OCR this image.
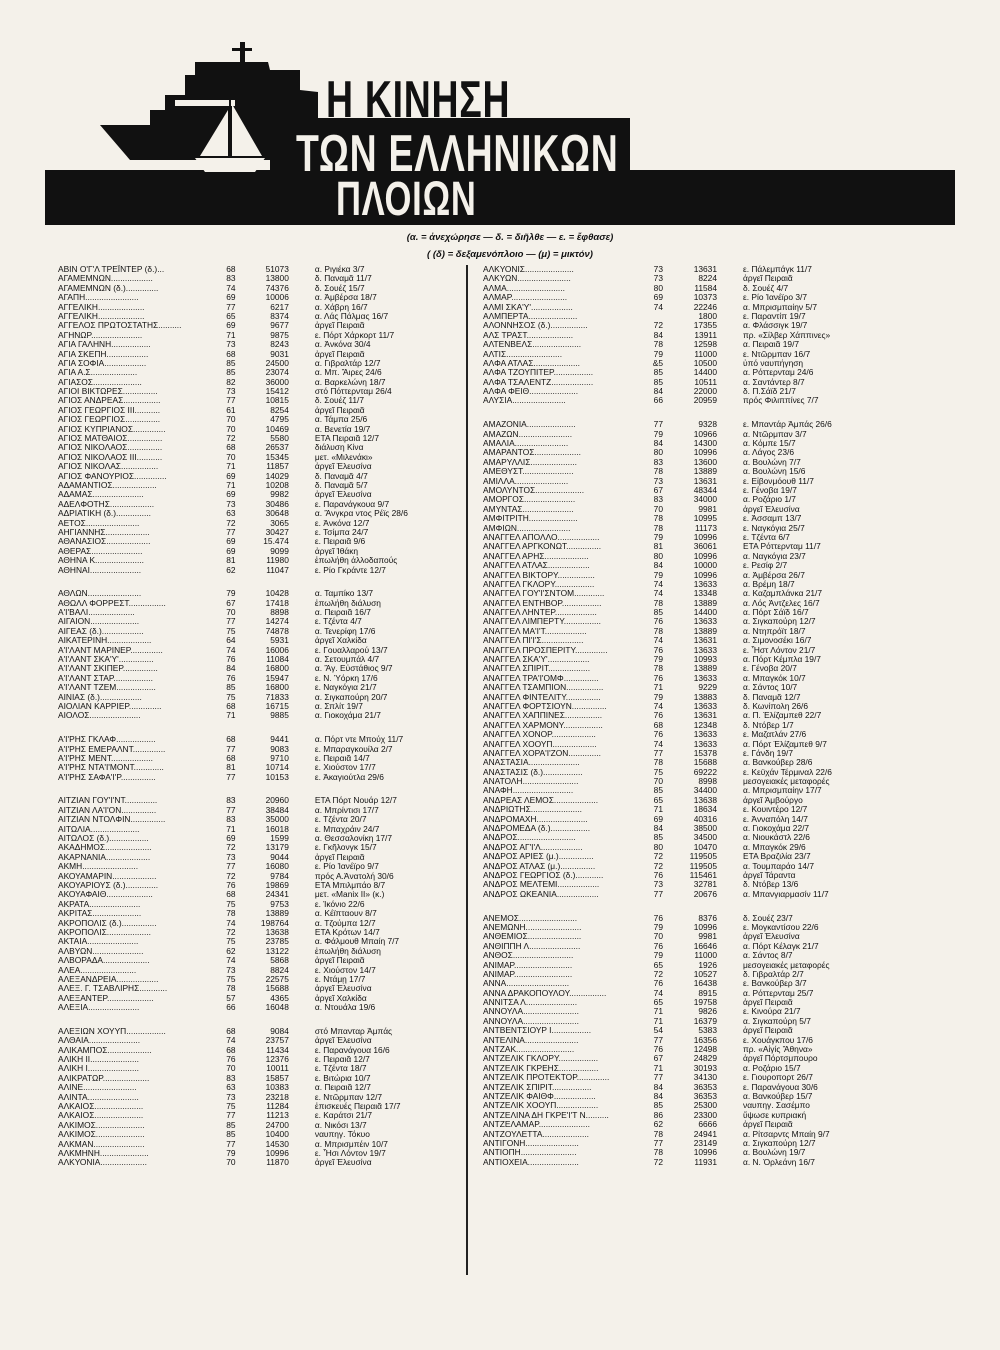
Η ΚΙΝΗΣΗ
ΤΩΝ ΕΛΛΗΝΙΚΩΝ
ΠΛΟΙΩΝ
(α. = ἀνεχώρησε — δ. = διῆλθε — ε. = ἔφθασε)
( (δ) = δεξαμενόπλοιο — (μ) = μικτόν)
ΑΒΙΝ Ο'Γ'Λ ΤΡΕΪΝΤΕΡ (δ.)...	68	51073	α. Ριγιέκα 3/7
ΑΓΑΜΕΜΝΩΝ..................	83	13800	δ. Παναμᾶ 11/7
ΑΓΑΜΕΜΝΩΝ (δ.)..............	74	74376	δ. Σουέζ 15/7
ΑΓΑΠΗ.......................	69	10006	α. Ἀμβέρσα 18/7
ΑΓΓΕΛΙΚΗ....................	77	6217	α. Χάβρη 16/7
ΑΓΓΕΛΙΚΗ....................	65	8374	α. Λάς Πάλμας 16/7
ΑΓΓΕΛΟΣ ΠΡΩΤΟΣΤΑΤΗΣ..........	69	9677	ἀργεῖ Πειραιᾶ
ΑΓΗΝΩΡ......................	71	9875	ε. Πόρτ Χάρκορτ 11/7
ΑΓΙΑ ΓΑΛΗΝΗ.................	73	8243	α. Ἀνκόνα 30/4
ΑΓΙΑ ΣΚΕΠΗ..................	68	9031	ἀργεῖ Πειραιᾶ
ΑΓΙΑ ΣΟΦΙΑ..................	85	24500	α. Γιβραλτάρ 12/7
ΑΓΙΑ Α.Σ....................	85	23074	α. Μπ. Ἄιρες 24/6
ΑΓΙΑΣΟΣ.....................	82	36000	α. Βαρκελώνη 18/7
ΑΓΙΟΙ ΒΙΚΤΩΡΕΣ...............	73	15412	στό Πόττερνταμ 26/4
ΑΓΙΟΣ ΑΝΔΡΕΑΣ................	77	10815	δ. Σουέζ 11/7
ΑΓΙΟΣ ΓΕΩΡΓΙΟΣ III...........	61	8254	ἀργεῖ Πειραιᾶ
ΑΓΙΟΣ ΓΕΩΡΓΙΟΣ...............	70	4795	α. Τάμπα 25/6
ΑΓΙΟΣ ΚΥΠΡΙΑΝΟΣ..............	70	10469	α. Βενετία 19/7
ΑΓΙΟΣ ΜΑΤΘΑΙΟΣ...............	72	5580	ΕΤΑ Πειραιᾶ 12/7
ΑΓΙΟΣ ΝΙΚΟΛΑΟΣ...............	68	26537	διάλυση Κίνα
ΑΓΙΟΣ ΝΙΚΟΛΑΟΣ III...........	70	15345	μετ. «Μιλενάκι»
ΑΓΙΟΣ ΝΙΚΟΛΑΣ................	71	11857	ἀργεῖ Ἐλευσίνα
ΑΓΙΟΣ ΦΑΝΟΥΡΙΟΣ..............	69	14029	δ. Παναμᾶ 4/7
ΑΔΑΜΑΝΤΙΟΣ...................	71	10208	δ. Παναμᾶ 5/7
ΑΔΑΜΑΣ......................	69	9982	ἀργεῖ Ἐλευσίνα
ΑΔΕΛΦΟΤΗΣ...................	73	30486	ε. Παρανάγκουα 9/7
ΑΔΡΙΑΤΙΚΗ (δ.)...............	63	30648	α. Ἄνγκρα ντος Ρέϊς 28/6
ΑΕΤΟΣ.......................	72	3065	ε. Ἀνκόνα 12/7
ΑΗΓΙΑΝΝΗΣ...................	77	30427	ε. Τσίμπα 24/7
ΑΘΑΝΑΣΙΟΣ...................	69	15.474	ε. Πειραιᾶ 9/6
ΑΘΕΡΑΣ......................	69	9099	ἀργεῖ Ἰθάκη
ΑΘΗΝΑ Κ.....................	81	11980	ἐπωλήθη ἀλλοδαπούς
ΑΘΗΝΑΙ......................	62	11047	ε. Ρίο Γκράντε 12/7
ΑΘΛΩΝ.......................	79	10428	α. Ταμπίκο 13/7
ΑΘΩΛΛ ΦΟΡΡΕΣΤ................	67	17418	ἐπωλήθη διάλυση
Α'Ι'ΒΑΛΙ....................	70	8898	α. Πειραιᾶ 16/7
ΑΙΓΑΙΟΝ.....................	77	14274	ε. Τζέντα 4/7
ΑΙΓΕΑΣ (δ.)..................	75	74878	α. Τενερίφη 17/6
ΑΙΚΑΤΕΡΙΝΗ...................	64	5931	ἀργεῖ Χαλκίδα
Α'Ι'ΛΑΝΤ ΜΑΡΙΝΕΡ..............	74	16006	ε. Γουαλλαρού 13/7
Α'Ι'ΛΑΝΤ ΣΚΑ'Υ'...............	76	11084	α. Σετουμπάλ 4/7
Α'Ι'ΛΑΝΤ ΣΚΙΠΕΡ...............	84	16800	α. Ἄγ. Εὐστάθιος 9/7
Α'Ι'ΛΑΝΤ ΣΤΑΡ.................	76	15947	ε. Ν. Ὑόρκη 17/6
Α'Ι'ΛΑΝΤ ΤΖΕΜ.................	85	16800	ε. Ναγκόγια 21/7
ΑΙΝΙΑΣ (δ.)..................	75	71833	α. Σιγκαπούρη 20/7
ΑΙΟΛΙΑΝ ΚΑΡΡΙΕΡ..............	68	16715	α. Σπλίτ 19/7
ΑΙΟΛΟΣ......................	71	9885	α. Γιοκοχάμα 21/7
Α'Ι'ΡΗΣ ΓΚΛΑΦ.................	68	9441	α. Πόρτ ντε Μπούχ 11/7
Α'Ι'ΡΗΣ ΕΜΕΡΑΛΝΤ..............	77	9083	ε. Μπαραγκουίλα 2/7
Α'Ι'ΡΗΣ ΜΕΝΤ..................	68	9710	ε. Πειραιᾶ 14/7
Α'Ι'ΡΗΣ ΝΤΑ'Ι'ΜΟΝΤ.............	81	10714	ε. Χιούστον 17/7
Α'Ι'ΡΗΣ ΣΑΦΑ'Ι'Ρ...............	77	10153	ε. Ἀκαγιούτλα 29/6
ΑΙΤΖΙΑΝ ΓΟΥ'Ι'ΝΤ..............	83	20960	ΕΤΑ Πόρτ Νουάρ 12/7
ΑΙΤΖΙΑΝ ΛΑ'Ι'ΟΝ...............	77	38484	α. Μπρίντισι 17/7
ΑΙΤΖΙΑΝ ΝΤΟΛΦΙΝ...............	83	35000	ε. Τζέντα 20/7
ΑΙΤΩΛΙΑ.....................	71	16018	ε. Μπαχράιν 24/7
ΑΙΤΩΛΟΣ (δ.).................	69	1599	α. Θεσσαλονίκη 17/7
ΑΚΑΔΗΜΟΣ....................	72	13179	ε. Γκῆλονγκ 15/7
ΑΚΑΡΝΑΝΙΑ...................	73	9044	ἀργεῖ Πειραιᾶ
ΑΚΜΗ........................	77	16080	ε. Ρίο Ἰανέϊρο 9/7
ΑΚΟΥΑΜΑΡΙΝ...................	72	9784	πρός Α.Ἀνατολή 30/6
ΑΚΟΥΑΡΙΟΥΣ (δ.)..............	76	19869	ΕΤΑ Μπιλμπάο 8/7
ΑΚΟΥΑΦΑΙΘ....................	68	24341	μετ. «Manix II» (κ.)
ΑΚΡΑΤΑ......................	75	9753	ε. Ἰκόνιο 22/6
ΑΚΡΙΤΑΣ.....................	78	13889	α. Κέϊπταουν 8/7
ΑΚΡΟΠΟΛΙΣ (δ.)...............	74	198764	α. Τζούμπα 12/7
ΑΚΡΟΠΟΛΙΣ...................	72	13638	ΕΤΑ Κρότων 14/7
ΑΚΤΑΙΑ......................	75	23785	α. Φάλμουθ Μπαίη 7/7
ΑΛΒΥΩΝ......................	62	13122	ἐπωλήθη διάλυση
ΑΛΒΟΡΑΔΑ....................	74	5868	ἀργεῖ Πειραιᾶ
ΑΛΕΑ........................	73	8824	ε. Χιούστον 14/7
ΑΛΕΞΑΝΔΡΕΙΑ..................	75	22575	ε. Ντάμῃ 17/7
ΑΛΕΞ. Γ. ΤΣΑΒΛΙΡΗΣ............	78	15688	ἀργεῖ Ἐλευσίνα
ΑΛΕΞΑΝΤΕΡ....................	57	4365	ἀργεῖ Χαλκίδα
ΑΛΕΞΙΑ......................	66	16048	α. Ντουάλα 19/6
ΑΛΕΞΙΩΝ ΧΟΥΥΠ.................	68	9084	στό Μπανταρ Ἀμπάς
ΑΛΘΑΙΑ......................	74	23757	ἀργεῖ Ἐλευσίνα
ΑΛΙΚΑΜΠΟΣ...................	68	11434	ε. Παρανάγουα 16/6
ΑΛΙΚΗ II.....................	76	12376	ε. Πειραιᾶ 12/7
ΑΛΙΚΗ I......................	70	10011	ε. Τζέντα 18/7
ΑΛΙΚΡΑΤΩΡ....................	83	15857	ε. Βιτώρια 10/7
ΑΛΙΝΕ.......................	63	10383	α. Πειραιᾶ 12/7
ΑΛΙΝΤΑ......................	73	23218	ε. Ντῶρμπαν 12/7
ΑΛΚΑΙΟΣ.....................	75	11284	ἐπισκευές Πειραιᾶ 17/7
ΑΛΚΑΙΟΣ.....................	77	11213	ε. Καράτσι 21/7
ΑΛΚΙΜΟΣ.....................	85	24700	α. Νικόσι 13/7
ΑΛΚΙΜΟΣ.....................	85	10400	ναυπηγ. Τόκυο
ΑΛΚΜΑΝ......................	77	14530	α. Μπρισμπέιν 10/7
ΑΛΚΜΗΝΗ.....................	79	10996	ε. Ἦσι Λόντον 19/7
ΑΛΚΥΟΝΙΑ....................	70	11870	ἀργεῖ Ἐλευσίνα
ΑΛΚΥΟΝΙΣ.....................	73	13631	ε. Πάλεμπάγκ 11/7
ΑΛΚΥΩΝ.......................	73	8224	ἀργεῖ Πειραιᾶ
ΑΛΜΑ.........................	80	11584	δ. Σουέζ 4/7
ΑΛΜΑΡ........................	69	10373	ε. Ρίο Ἰανέϊρο 3/7
ΑΛΜΙ ΣΚΑ'Υ'..................	74	22246	α. Μπρισμπαίην 5/7
ΑΛΜΠΕΡΤΑ.....................	1800	ε. Παραντίπ 19/7
ΑΛΟΝΝΗΣΟΣ (δ.)................	72	17355	α. Φλάσσιγκ 19/7
ΑΛΣ ΤΡΑΣΤ....................	84	13911	πρ. «Σίλβερ Χάππινες»
ΑΛΤΕΝΒΕΛΣ.....................	78	12598	α. Πειραιᾶ 19/7
ΑΛΤΙΣ........................	79	11000	ε. Ντῶρμπαν 16/7
ΑΛΦΑ ΑΤΛΑΣ....................	&5	10500	ὑπό ναυπήγηση
ΑΛΦΑ ΤΖΟΥΠΙΤΕΡ.................	85	14400	α. Ρόττερνταμ 24/6
ΑΛΦΑ ΤΣΑΛΕΝΤΖ..................	85	10511	α. Σαντάντερ 8/7
ΑΛΦΑ ΦΕΙΘ.....................	84	22000	δ. Π.Σάϊδ 21/7
ΑΛΥΣΙΑ.......................	66	20959	πρός Φιλιππίνες 7/7
ΑΜΑΖΟΝΙΑ.....................	77	9328	ε. Μπαντάρ Ἀμπάς 26/6
ΑΜΑΖΩΝ.......................	79	10966	α. Ντῶρμπαν 3/7
ΑΜΑΛΙΑ.......................	84	14300	α. Κόμπε 15/7
ΑΜΑΡΑΝΤΟΣ....................	80	10996	α. Λάγος 23/6
ΑΜΑΡΥΛΛΙΣ....................	83	13600	α. Βουλώνη 7/7
ΑΜΕΘΥΣΤ......................	78	13889	α. Βουλώνη 15/6
ΑΜΙΛΛΑ.......................	73	13631	ε. Εἰβονμόουθ 11/7
ΑΜΟΛΥΝΤΟΣ.....................	67	48344	ε. Γένοβα 19/7
ΑΜΟΡΓΟΣ......................	83	34000	α. Ροζάριο 1/7
ΑΜΥΝΤΑΣ......................	70	9981	ἀργεῖ Ἐλευσίνα
ΑΜΦΙΤΡΙΤΗ.....................	78	10995	ε. Ἀσσαμπ 13/7
ΑΜΦΙΩΝ.......................	78	11173	ε. Ναγκόγια 25/7
ΑΝΑΓΓΕΛ ΑΠΟΛΛΟ..................	79	10996	ε. Τζέντα 6/7
ΑΝΑΓΓΕΛ ΑΡΓΚΟΝΩΤ...............	81	36061	ΕΤΑ Ρόττερνταμ 11/7
ΑΝΑΓΓΕΛ ΑΡΗΣ...................	80	10996	α. Ναγκόγια 23/7
ΑΝΑΓΓΕΛ ΑΤΛΑΣ..................	84	10000	ε. Ρεσίφ 2/7
ΑΝΑΓΓΕΛ ΒΙΚΤΟΡΥ................	79	10996	α. Ἀμβέρσα 26/7
ΑΝΑΓΓΕΛ ΓΚΛΟΡΥ.................	74	13633	α. Βρέμη 18/7
ΑΝΑΓΓΕΛ ΓΟΥ'Ι'ΣΝΤΟΜ.............	74	13348	α. Καζαμπλάνκα 21/7
ΑΝΑΓΓΕΛ ΕΝΤΗΒΟΡ.................	78	13889	α. Λός Ἀντζελες 16/7
ΑΝΑΓΓΕΛ ΛΗΝΤΕΡ..................	85	14400	α. Πόρτ Σάϊδ 16/7
ΑΝΑΓΓΕΛ ΛΙΜΠΕΡΤΥ................	76	13633	α. Σιγκαπούρη 12/7
ΑΝΑΓΓΕΛ ΜΑ'Ι'Τ..................	78	13889	α. Ντηπρόϊτ 18/7
ΑΝΑΓΓΕΛ ΠΙ'Ι'Σ..................	74	13631	α. Σιμονοσέκι 16/7
ΑΝΑΓΓΕΛ ΠΡΟΣΠΕΡΙΤΥ..............	76	13633	ε. Ἧστ Λόντον 21/7
ΑΝΑΓΓΕΛ ΣΚΑ'Υ'..................	79	10993	α. Πόρτ Κέμπλα 19/7
ΑΝΑΓΓΕΛ ΣΠΙΡΙΤ..................	78	13889	ε. Γένοβα 20/7
ΑΝΑΓΓΕΛ ΤΡΑ'Ι'ΟΜΦ...............	76	13633	α. Μπαγκόκ 10/7
ΑΝΑΓΓΕΛ ΤΣΑΜΠΙΟΝ................	71	9229	α. Σάντος 10/7
ΑΝΑΓΓΕΛ ΦΙΝΤΕΛΙΤΥ...............	79	13883	δ. Παναμᾶ 12/7
ΑΝΑΓΓΕΛ ΦΟΡΤΣΙΟΥΝ...............	74	13633	δ. Κωνίπολη 26/6
ΑΝΑΓΓΕΛ ΧΑΠΠΙΝΕΣ................	76	13631	α. Π. Ἐλίζαμπεθ 22/7
ΑΝΑΓΓΕΛ ΧΑΡΜΟΝΥ.................	68	12348	δ. Ντόβερ 1/7
ΑΝΑΓΓΕΛ ΧΟΝΟΡ...................	76	13633	ε. Μαζατλάν 27/6
ΑΝΑΓΓΕΛ ΧΟΟΥΠ...................	74	13633	α. Πόρτ Ἐλίζαμπεθ 9/7
ΑΝΑΓΓΕΛ ΧΟΡΑ'Ι'ΖΟΝ..............	77	15378	ε. Γάνδη 19/7
ΑΝΑΣΤΑΣΙΑ......................	78	15688	α. Βανκούβερ 28/6
ΑΝΑΣΤΑΣΙΣ (δ.).................	75	69222	ε. Κεϋχάν Τέρμιναλ 22/6
ΑΝΑΤΟΛΗ........................	70	8998	μεσογειακές μεταφορές
ΑΝΑΦΗ..........................	85	34400	α. Μπρισμπαίην 17/7
ΑΝΔΡΕΑΣ ΛΕΜΟΣ...................	65	13638	ἀργεῖ Ἀμβούργο
ΑΝΔΡΙΩΤΗΣ......................	71	18634	ε. Κουιντέρο 12/7
ΑΝΔΡΟΜΑΧΗ......................	69	40316	ε. Ἀνναπόλη 14/7
ΑΝΔΡΟΜΕΔΑ (δ.).................	84	38500	α. Γιοκοχάμα 22/7
ΑΝΔΡΟΣ.........................	85	34500	α. Νιουκάστλ 22/6
ΑΝΔΡΟΣ ΑΓ'Ι'Λ..................	80	10470	α. Μπαγκόκ 29/6
ΑΝΔΡΟΣ ΑΡΙΕΣ (μ.)...............	72	119505	ΕΤΑ Βραζιλία 23/7
ΑΝΔΡΟΣ ΑΤΛΑΣ (μ.)...............	72	119505	α. Τουμπαράο 14/7
ΑΝΔΡΟΣ ΓΕΩΡΓΙΟΣ (δ.)............	76	115461	ἀργεῖ Τάραντα
ΑΝΔΡΟΣ ΜΕΛΤΕΜΙ..................	73	32781	δ. Ντόβερ 13/6
ΑΝΔΡΟΣ ΩΚΕΑΝΙΑ..................	77	20676	α. Μπανγιαρμασίν 11/7
ΑΝΕΜΟΣ.........................	76	8376	δ. Σουέζ 23/7
ΑΝΕΜΩΝΗ........................	79	10996	ε. Μογκαντίσου 22/6
ΑΝΘΕΜΙΟΣ.......................	70	9981	ἀργεῖ Ἐλευσίνα
ΑΝΘΙΠΠΗ Λ......................	76	16646	α. Πόρτ Κέλαγκ 21/7
ΑΝΘΟΣ..........................	79	11000	α. Σάντος 8/7
ΑΝΙΜΑΡ.........................	65	1926	μεσογειακές μεταφορές
ΑΝΙΜΑΡ.........................	72	10527	δ. Γιβραλτάρ 2/7
ΑΝΝΑ...........................	76	16438	ε. Βανκούβερ 3/7
ΑΝΝΑ ΔΡΑΚΟΠΟΥΛΟΥ................	74	8915	α. Ρόττερνταμ 25/7
ΑΝΝΙΤΣΑ Λ......................	65	19758	ἀργεῖ Πειραιᾶ
ΑΝΝΟΥΛΑ........................	71	9826	ε. Κινούρα 21/7
ΑΝΝΟΥΛΑ........................	71	16379	α. Σιγκαπούρη 5/7
ΑΝΤΒΕΝΤΣΙΟΥΡ I.................	54	5383	ἀργεῖ Πειραιᾶ
ΑΝΤΕΛΙΝΑ.......................	77	16356	ε. Χουάγκπου 17/6
ΑΝΤΖΑΚ.........................	76	12498	πρ. «Αἰγίς Ἄθηνα»
ΑΝΤΖΕΛΙΚ ΓΚΛΟΡΥ.................	67	24829	ἀργεῖ Πόρτσμπουρο
ΑΝΤΖΕΛΙΚ ΓΚΡΕΗΣ.................	71	30193	α. Ροζάριο 15/7
ΑΝΤΖΕΛΙΚ ΠΡΟΤΕΚΤΟΡ..............	77	34130	ε. Γιουροπορτ 26/7
ΑΝΤΖΕΛΙΚ ΣΠΙΡΙΤ.................	84	36353	ε. Παρανάγουα 30/6
ΑΝΤΖΕΛΙΚ ΦΑΙΘΦ..................	84	36353	α. Βανκούβερ 15/7
ΑΝΤΖΕΛΙΚ ΧΟΟΥΠ..................	85	25300	ναυπηγ. Σασέμπο
ΑΝΤΖΕΛΙΝΑ ΔΗ ΓΚΡΕ'Ι'Τ Ν..........	86	23300	ὕψωσε κυπριακή
ΑΝΤΖΕΛΑΜΑΡ......................	62	6666	ἀργεῖ Πειραιᾶ
ΑΝΤΖΟΥΛΕΤΤΑ....................	78	24941	α. Ρίτσαρντς Μπαίη 9/7
ΑΝΤΙΓΟΝΗ.......................	77	23149	α. Σιγκαπούρη 12/7
ΑΝΤΙΟΠΗ........................	78	10996	α. Βουλώνη 19/7
ΑΝΤΙΟΧΕΙΑ......................	72	11931	α. Ν. Ὀρλεάνη 16/7
